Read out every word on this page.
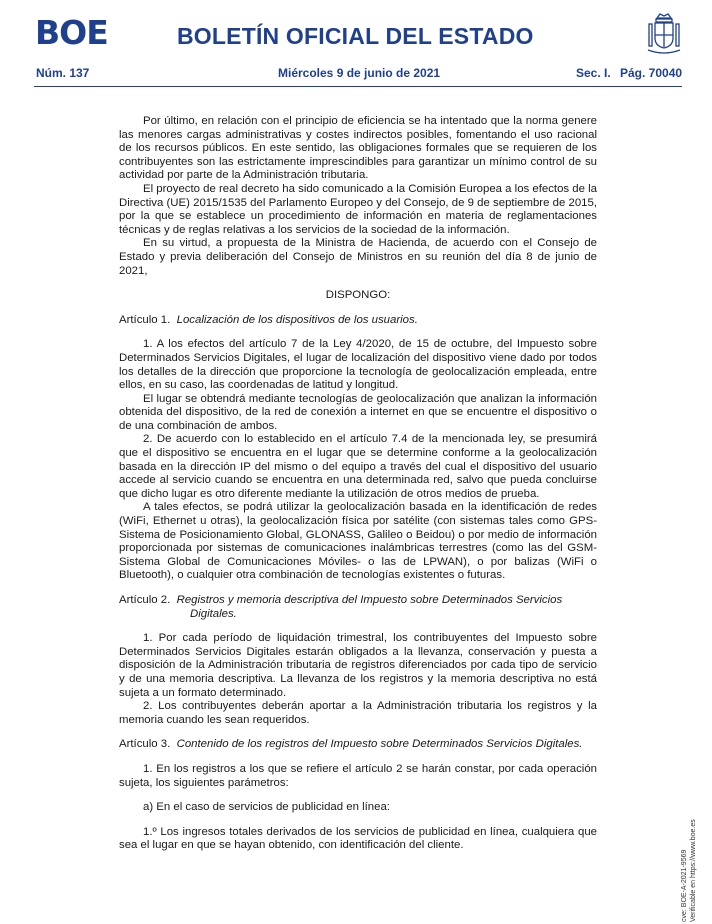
BOE	BOLETÍN OFICIAL DEL ESTADO
Núm. 137	Miércoles 9 de junio de 2021	Sec. I. Pág. 70040

Por último, en relación con el principio de eficiencia se ha intentado que la norma genere las menores cargas administrativas y costes indirectos posibles, fomentando el uso racional de los recursos públicos. En este sentido, las obligaciones formales que se requieren de los contribuyentes son las estrictamente imprescindibles para garantizar un mínimo control de su actividad por parte de la Administración tributaria.

El proyecto de real decreto ha sido comunicado a la Comisión Europea a los efectos de la Directiva (UE) 2015/1535 del Parlamento Europeo y del Consejo, de 9 de septiembre de 2015, por la que se establece un procedimiento de información en materia de reglamentaciones técnicas y de reglas relativas a los servicios de la sociedad de la información.

En su virtud, a propuesta de la Ministra de Hacienda, de acuerdo con el Consejo de Estado y previa deliberación del Consejo de Ministros en su reunión del día 8 de junio de 2021,

DISPONGO:

Artículo 1. Localización de los dispositivos de los usuarios.

1. A los efectos del artículo 7 de la Ley 4/2020, de 15 de octubre, del Impuesto sobre Determinados Servicios Digitales, el lugar de localización del dispositivo viene dado por todos los detalles de la dirección que proporcione la tecnología de geolocalización empleada, entre ellos, en su caso, las coordenadas de latitud y longitud.

El lugar se obtendrá mediante tecnologías de geolocalización que analizan la información obtenida del dispositivo, de la red de conexión a internet en que se encuentre el dispositivo o de una combinación de ambos.

2. De acuerdo con lo establecido en el artículo 7.4 de la mencionada ley, se presumirá que el dispositivo se encuentra en el lugar que se determine conforme a la geolocalización basada en la dirección IP del mismo o del equipo a través del cual el dispositivo del usuario accede al servicio cuando se encuentra en una determinada red, salvo que pueda concluirse que dicho lugar es otro diferente mediante la utilización de otros medios de prueba.

A tales efectos, se podrá utilizar la geolocalización basada en la identificación de redes (WiFi, Ethernet u otras), la geolocalización física por satélite (con sistemas tales como GPS-Sistema de Posicionamiento Global, GLONASS, Galileo o Beidou) o por medio de información proporcionada por sistemas de comunicaciones inalámbricas terrestres (como las del GSM-Sistema Global de Comunicaciones Móviles- o las de LPWAN), o por balizas (WiFi o Bluetooth), o cualquier otra combinación de tecnologías existentes o futuras.

Artículo 2. Registros y memoria descriptiva del Impuesto sobre Determinados Servicios Digitales.

1. Por cada período de liquidación trimestral, los contribuyentes del Impuesto sobre Determinados Servicios Digitales estarán obligados a la llevanza, conservación y puesta a disposición de la Administración tributaria de registros diferenciados por cada tipo de servicio y de una memoria descriptiva. La llevanza de los registros y la memoria descriptiva no está sujeta a un formato determinado.

2. Los contribuyentes deberán aportar a la Administración tributaria los registros y la memoria cuando les sean requeridos.

Artículo 3. Contenido de los registros del Impuesto sobre Determinados Servicios Digitales.

1. En los registros a los que se refiere el artículo 2 se harán constar, por cada operación sujeta, los siguientes parámetros:

a) En el caso de servicios de publicidad en línea:

1.º Los ingresos totales derivados de los servicios de publicidad en línea, cualquiera que sea el lugar en que se hayan obtenido, con identificación del cliente.

cve: BOE-A-2021-9569 Verificable en https://www.boe.es
